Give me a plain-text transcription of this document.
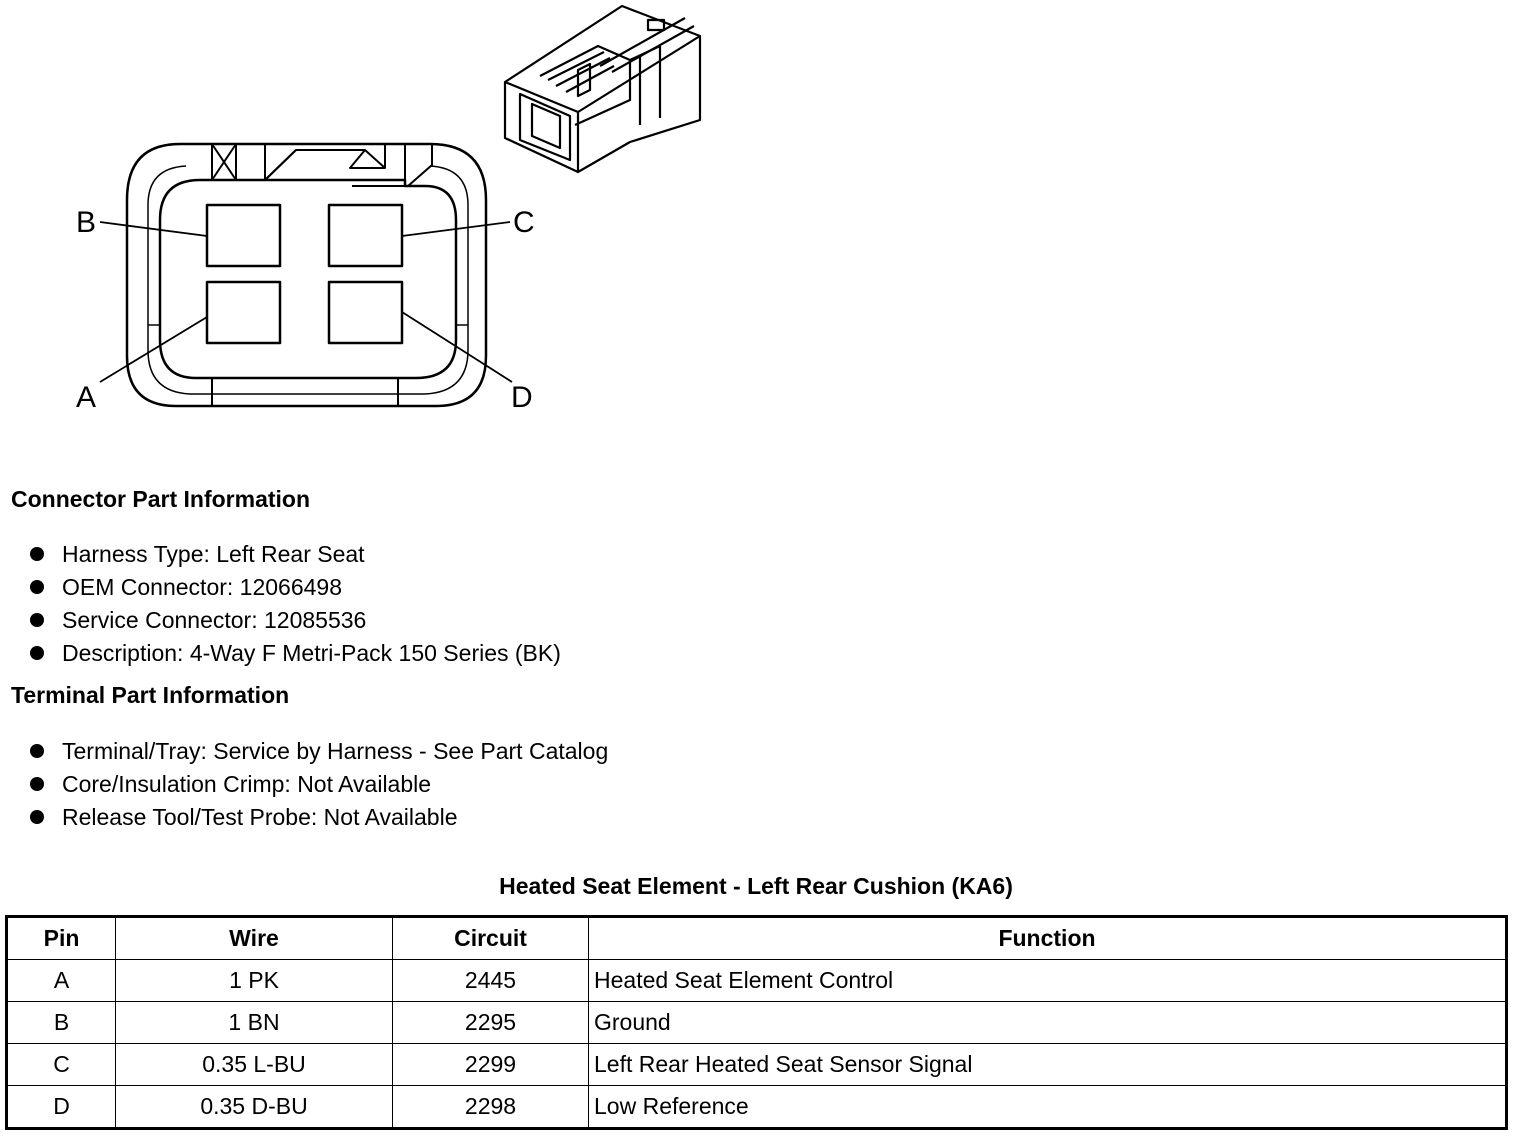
B	C
A	D
Connector Part Information
Harness Type: Left Rear Seat
OEM Connector: 12066498
Service Connector: 12085536
Description: 4-Way F Metri-Pack 150 Series (BK)
Terminal Part Information
Terminal/Tray: Service by Harness - See Part Catalog
Core/Insulation Crimp: Not Available
Release Tool/Test Probe: Not Available
Heated Seat Element - Left Rear Cushion (KA6)
Pin	Wire	Circuit	Function
A	1 PK	2445	Heated Seat Element Control
B	1 BN	2295	Ground
C	0.35 L-BU	2299	Left Rear Heated Seat Sensor Signal
D	0.35 D-BU	2298	Low Reference
